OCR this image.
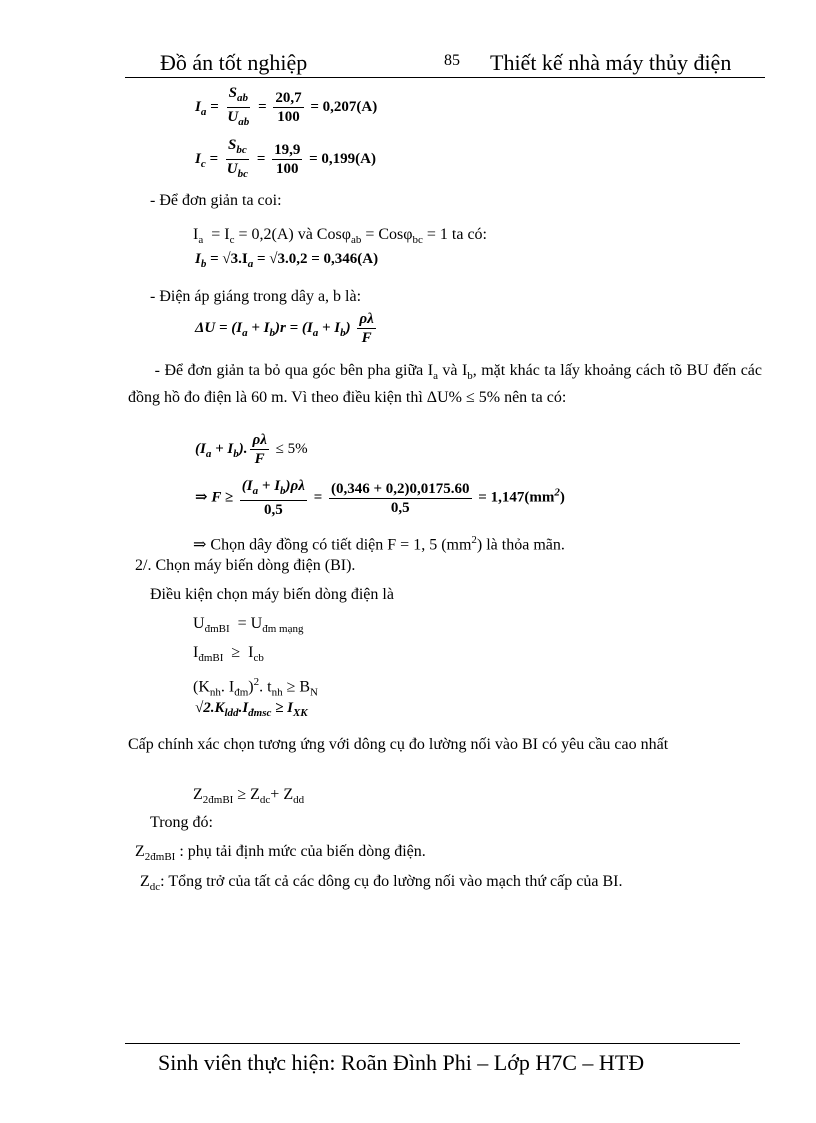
Đồ án tốt nghiệp	85 Thiết kế nhà máy thủy điện
$I_a = \frac{S_{ab}}{U_{ab}} = \frac{20,7}{100} = 0,207(A)$
$I_c = \frac{S_{bc}}{U_{bc}} = \frac{19,9}{100} = 0,199(A)$
- Để đơn giản ta coi:
$I_a = I_c = 0,2(A)$ và Cosφ$_{ab}$ = Cosφ$_{bc}$ = 1 ta có:
$I_b = √3.I_a = √3.0,2 = 0,346(A)$
- Điện áp giáng trong dây a, b là:
$\Delta U = (I_a + I_b)r = (I_a + I_b) \frac{\rho\lambda}{F}$
- Để đơn giản ta bỏ qua góc bên pha giữa $I_a$ và $I_b$, mặt khác ta lấy khoảng cách tõ BU đến các đồng hồ đo điện là 60 m. Vì theo điều kiện thì ΔU% ≤ 5% nên ta có:
$(I_a + I_b)$. $\frac{\rho\lambda}{F} \le 5\%$
⇒ $F \ge \frac{(I_a + I_b)\rho\lambda}{0,5} = \frac{(0,346 + 0,2)0,0175.60}{0,5} = 1,147(mm^2)$
⇒ Chọn dây đồng có tiết diện F = 1, 5 $(mm^2)$ là thỏa mãn.
2/. Chọn máy biến dòng điện (BI).
Điều kiện chọn máy biến dòng điện là
$U_{đmBI} = U_{đm mạng}$
$I_{đmBI} \ge I_{cb}$
($K_{nh}$. $I_{đm})^2$. $t_{nh} \ge B_N$
$√2.K_{ldd}.I_{đmsc} \ge I_{XK}$
Cấp chính xác chọn tương ứng với dông cụ đo lường nối vào BI có yêu cầu cao nhất
$Z_{2đmBI} \ge Z_{dc}+ Z_{dd}$
Trong đó:
$Z_{2đmBI}$ : phụ tải định mức của biến dòng điện.
$Z_{dc}$: Tổng trở của tất cả các dông cụ đo lường nối vào mạch thứ cấp của BI.
Sinh viên thực hiện: Roãn Đình Phi – Lớp H7C – HTĐ
